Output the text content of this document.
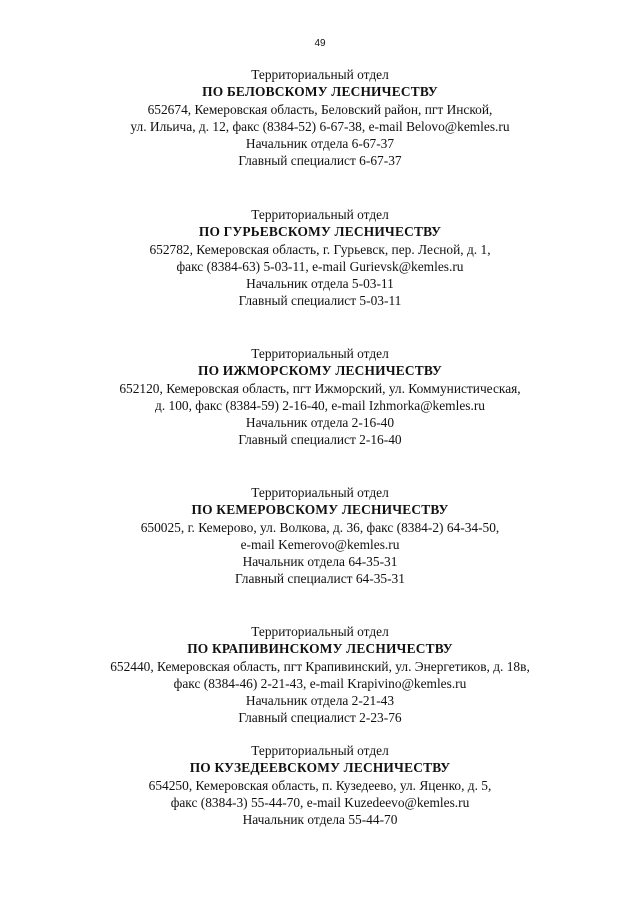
49
Территориальный отдел
ПО БЕЛОВСКОМУ ЛЕСНИЧЕСТВУ
652674, Кемеровская область, Беловский район, пгт Инской,
ул. Ильича, д. 12, факс (8384-52) 6-67-38, e-mail Belovo@kemles.ru
Начальник отдела 6-67-37
Главный специалист 6-67-37
Территориальный отдел
ПО ГУРЬЕВСКОМУ ЛЕСНИЧЕСТВУ
652782, Кемеровская область, г. Гурьевск, пер. Лесной, д. 1,
факс (8384-63) 5-03-11, e-mail Gurievsk@kemles.ru
Начальник отдела 5-03-11
Главный специалист 5-03-11
Территориальный отдел
ПО ИЖМОРСКОМУ ЛЕСНИЧЕСТВУ
652120, Кемеровская область, пгт Ижморский, ул. Коммунистическая,
д. 100, факс (8384-59) 2-16-40, e-mail Izhmorka@kemles.ru
Начальник отдела 2-16-40
Главный специалист 2-16-40
Территориальный отдел
ПО КЕМЕРОВСКОМУ ЛЕСНИЧЕСТВУ
650025, г. Кемерово, ул. Волкова, д. 36, факс (8384-2) 64-34-50,
e-mail Kemerovo@kemles.ru
Начальник отдела 64-35-31
Главный специалист 64-35-31
Территориальный отдел
ПО КРАПИВИНСКОМУ ЛЕСНИЧЕСТВУ
652440, Кемеровская область, пгт Крапивинский, ул. Энергетиков, д. 18в,
факс (8384-46) 2-21-43, e-mail Krapivino@kemles.ru
Начальник отдела 2-21-43
Главный специалист 2-23-76
Территориальный отдел
ПО КУЗЕДЕЕВСКОМУ ЛЕСНИЧЕСТВУ
654250, Кемеровская область, п. Кузедеево, ул. Яценко, д. 5,
факс (8384-3) 55-44-70, e-mail Kuzedeevo@kemles.ru
Начальник отдела 55-44-70
